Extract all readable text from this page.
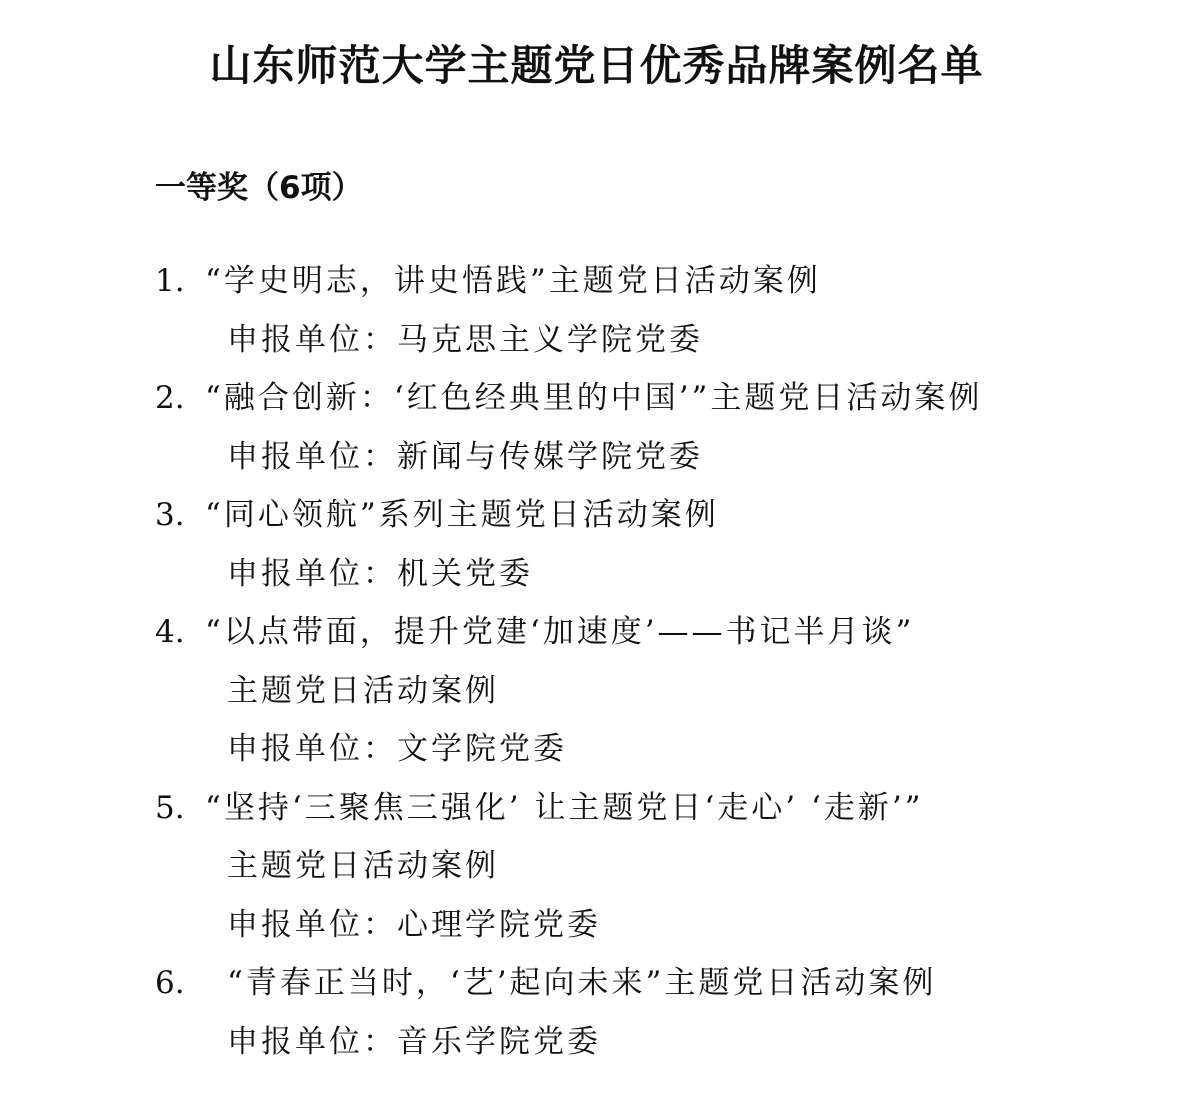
山东师范大学主题党日优秀品牌案例名单
一等奖（6项）
1. “学史明志，讲史悟践”主题党日活动案例
申报单位：马克思主义学院党委
2. “融合创新：‘红色经典里的中国’”主题党日活动案例
申报单位：新闻与传媒学院党委
3. “同心领航”系列主题党日活动案例
申报单位：机关党委
4. “以点带面，提升党建‘加速度’——书记半月谈”
主题党日活动案例
申报单位：文学院党委
5. “坚持‘三聚焦三强化’ 让主题党日‘走心’ ‘走新’”
主题党日活动案例
申报单位：心理学院党委
6. “青春正当时，‘艺’起向未来”主题党日活动案例
申报单位：音乐学院党委
